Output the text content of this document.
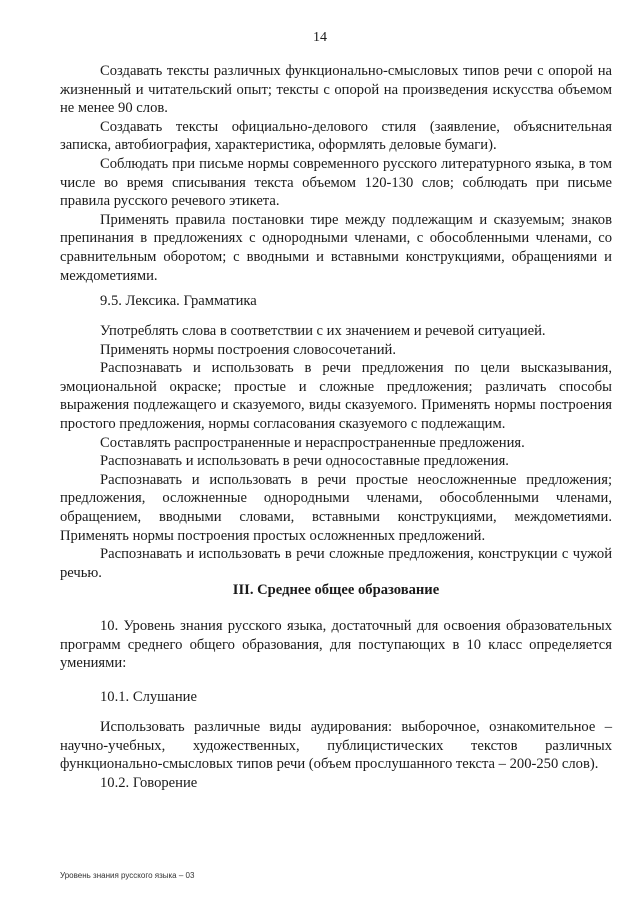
14

Создавать тексты различных функционально-смысловых типов речи с опорой на жизненный и читательский опыт; тексты с опорой на произведения искусства объемом не менее 90 слов.

Создавать тексты официально-делового стиля (заявление, объяснительная записка, автобиография, характеристика, оформлять деловые бумаги).

Соблюдать при письме нормы современного русского литературного языка, в том числе во время списывания текста объемом 120-130 слов; соблюдать при письме правила русского речевого этикета.

Применять правила постановки тире между подлежащим и сказуемым; знаков препинания в предложениях с однородными членами, с обособленными членами, со сравнительным оборотом; с вводными и вставными конструкциями, обращениями и междометиями.

9.5. Лексика. Грамматика

Употреблять слова в соответствии с их значением и речевой ситуацией.

Применять нормы построения словосочетаний.

Распознавать и использовать в речи предложения по цели высказывания, эмоциональной окраске; простые и сложные предложения; различать способы выражения подлежащего и сказуемого, виды сказуемого. Применять нормы построения простого предложения, нормы согласования сказуемого с подлежащим.

Составлять распространенные и нераспространенные предложения.

Распознавать и использовать в речи односоставные предложения.

Распознавать и использовать в речи простые неосложненные предложения; предложения, осложненные однородными членами, обособленными членами, обращением, вводными словами, вставными конструкциями, междометиями. Применять нормы построения простых осложненных предложений.

Распознавать и использовать в речи сложные предложения, конструкции с чужой речью.

III. Среднее общее образование

10. Уровень знания русского языка, достаточный для освоения образовательных программ среднего общего образования, для поступающих в 10 класс определяется умениями:

10.1. Слушание

Использовать различные виды аудирования: выборочное, ознакомительное – научно-учебных, художественных, публицистических текстов различных функционально-смысловых типов речи (объем прослушанного текста – 200-250 слов).

10.2. Говорение

Уровень знания русского языка – 03
